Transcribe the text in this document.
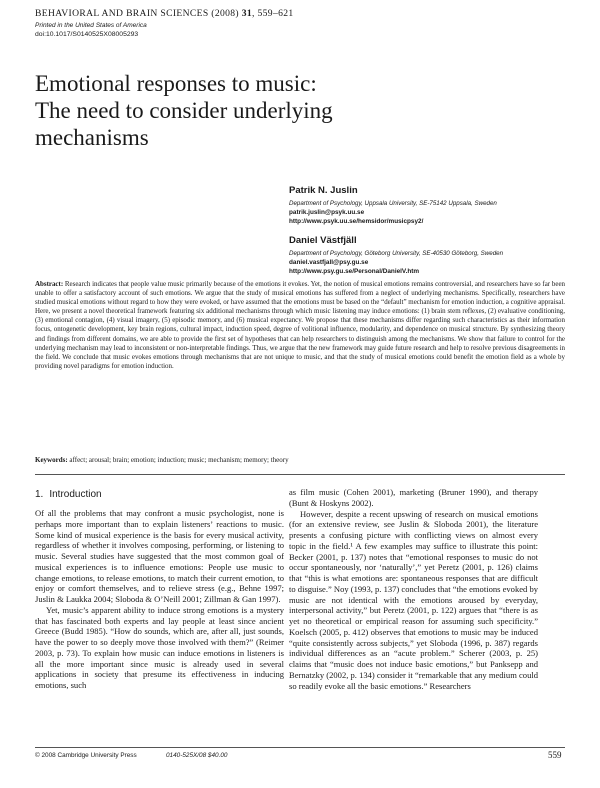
BEHAVIORAL AND BRAIN SCIENCES (2008) 31, 559–621
Printed in the United States of America
doi:10.1017/S0140525X08005293
Emotional responses to music:
The need to consider underlying
mechanisms
Patrik N. Juslin
Department of Psychology, Uppsala University, SE-75142 Uppsala, Sweden
patrik.juslin@psyk.uu.se
http://www.psyk.uu.se/hemsidor/musicpsy2/
Daniel Västfjäll
Department of Psychology, Göteborg University, SE-40530 Göteborg, Sweden
daniel.vastfjall@psy.gu.se
http://www.psy.gu.se/Personal/DanielV.htm

Abstract: Research indicates that people value music primarily because of the emotions it evokes. Yet, the notion of musical emotions remains controversial, and researchers have so far been unable to offer a satisfactory account of such emotions. We argue that the study of musical emotions has suffered from a neglect of underlying mechanisms. Specifically, researchers have studied musical emotions without regard to how they were evoked, or have assumed that the emotions must be based on the “default” mechanism for emotion induction, a cognitive appraisal. Here, we present a novel theoretical framework featuring six additional mechanisms through which music listening may induce emotions: (1) brain stem reflexes, (2) evaluative conditioning, (3) emotional contagion, (4) visual imagery, (5) episodic memory, and (6) musical expectancy. We propose that these mechanisms differ regarding such characteristics as their information focus, ontogenetic development, key brain regions, cultural impact, induction speed, degree of volitional influence, modularity, and dependence on musical structure. By synthesizing theory and findings from different domains, we are able to provide the first set of hypotheses that can help researchers to distinguish among the mechanisms. We show that failure to control for the underlying mechanism may lead to inconsistent or non-interpretable findings. Thus, we argue that the new framework may guide future research and help to resolve previous disagreements in the field. We conclude that music evokes emotions through mechanisms that are not unique to music, and that the study of musical emotions could benefit the emotion field as a whole by providing novel paradigms for emotion induction.

Keywords: affect; arousal; brain; emotion; induction; music; mechanism; memory; theory

1. Introduction

Of all the problems that may confront a music psychologist, none is perhaps more important than to explain listeners’ reactions to music. Some kind of musical experience is the basis for every musical activity, regardless of whether it involves composing, performing, or listening to music. Several studies have suggested that the most common goal of musical experiences is to influence emotions: People use music to change emotions, to release emotions, to match their current emotion, to enjoy or comfort themselves, and to relieve stress (e.g., Behne 1997; Juslin & Laukka 2004; Sloboda & O’Neill 2001; Zillman & Gan 1997).

Yet, music’s apparent ability to induce strong emotions is a mystery that has fascinated both experts and lay people at least since ancient Greece (Budd 1985). “How do sounds, which are, after all, just sounds, have the power to so deeply move those involved with them?” (Reimer 2003, p. 73). To explain how music can induce emotions in listeners is all the more important since music is already used in several applications in society that presume its effectiveness in inducing emotions, such

as film music (Cohen 2001), marketing (Bruner 1990), and therapy (Bunt & Hoskyns 2002).

However, despite a recent upswing of research on musical emotions (for an extensive review, see Juslin & Sloboda 2001), the literature presents a confusing picture with conflicting views on almost every topic in the field.¹ A few examples may suffice to illustrate this point: Becker (2001, p. 137) notes that “emotional responses to music do not occur spontaneously, nor ‘naturally’,” yet Peretz (2001, p. 126) claims that “this is what emotions are: spontaneous responses that are difficult to disguise.” Noy (1993, p. 137) concludes that “the emotions evoked by music are not identical with the emotions aroused by everyday, interpersonal activity,” but Peretz (2001, p. 122) argues that “there is as yet no theoretical or empirical reason for assuming such specificity.” Koelsch (2005, p. 412) observes that emotions to music may be induced “quite consistently across subjects,” yet Sloboda (1996, p. 387) regards individual differences as an “acute problem.” Scherer (2003, p. 25) claims that “music does not induce basic emotions,” but Panksepp and Bernatzky (2002, p. 134) consider it “remarkable that any medium could so readily evoke all the basic emotions.” Researchers

© 2008 Cambridge University Press	0140-525X/08 $40.00	559
